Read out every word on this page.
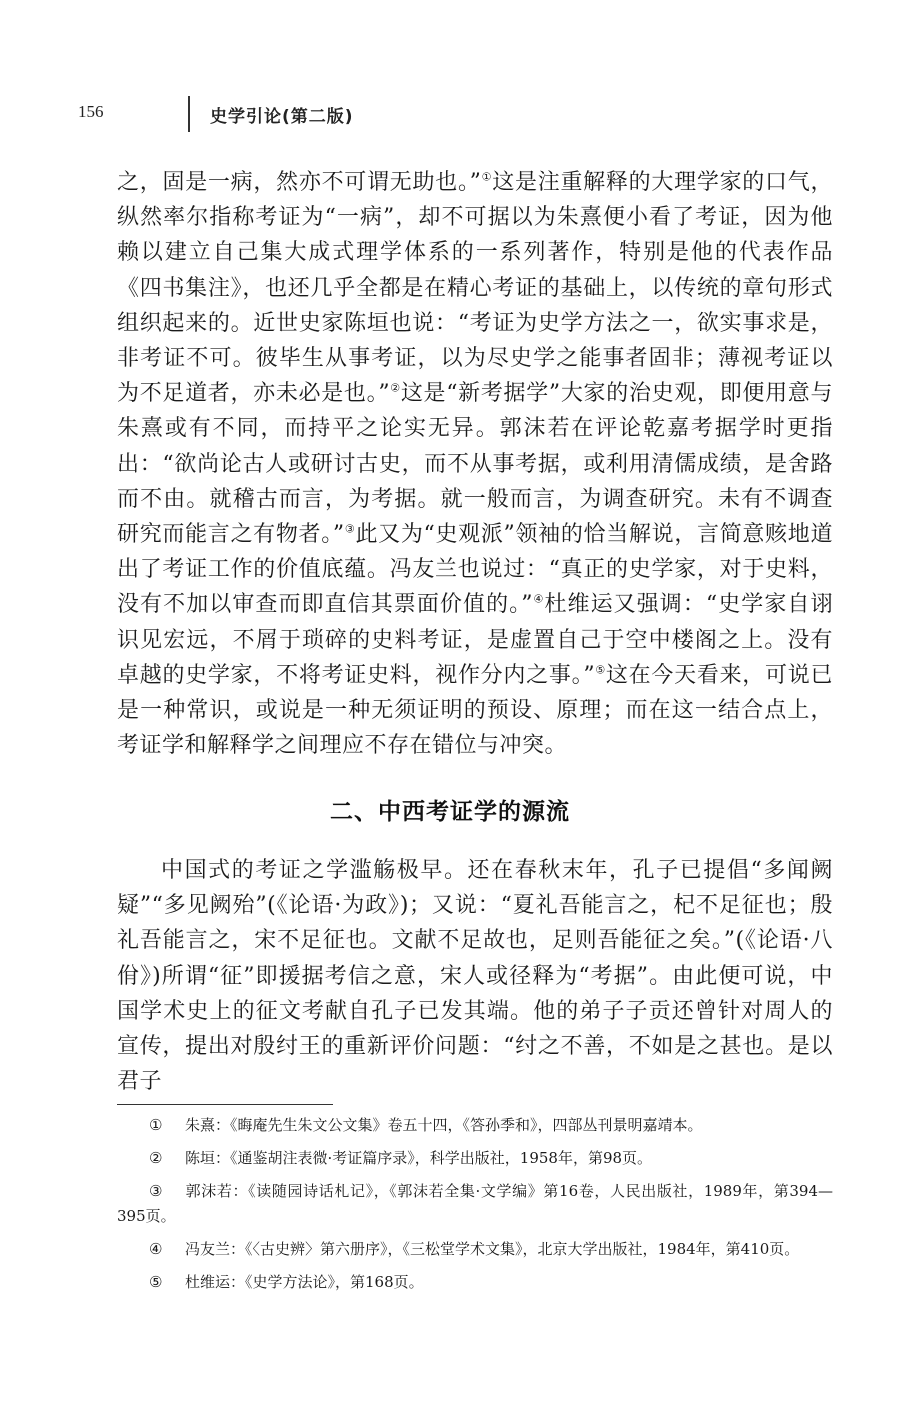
156	史学引论(第二版)

之，固是一病，然亦不可谓无助也。”①这是注重解释的大理学家的口气，纵然率尔指称考证为“一病”，却不可据以为朱熹便小看了考证，因为他赖以建立自己集大成式理学体系的一系列著作，特别是他的代表作品《四书集注》，也还几乎全都是在精心考证的基础上，以传统的章句形式组织起来的。近世史家陈垣也说：“考证为史学方法之一，欲实事求是，非考证不可。彼毕生从事考证，以为尽史学之能事者固非；薄视考证以为不足道者，亦未必是也。”②这是“新考据学”大家的治史观，即便用意与朱熹或有不同，而持平之论实无异。郭沫若在评论乾嘉考据学时更指出：“欲尚论古人或研讨古史，而不从事考据，或利用清儒成绩，是舍路而不由。就稽古而言，为考据。就一般而言，为调查研究。未有不调查研究而能言之有物者。”③此又为“史观派”领袖的恰当解说，言简意赅地道出了考证工作的价值底蕴。冯友兰也说过：“真正的史学家，对于史料，没有不加以审查而即直信其票面价值的。”④杜维运又强调：“史学家自诩识见宏远，不屑于琐碎的史料考证，是虚置自己于空中楼阁之上。没有卓越的史学家，不将考证史料，视作分内之事。”⑤这在今天看来，可说已是一种常识，或说是一种无须证明的预设、原理；而在这一结合点上，考证学和解释学之间理应不存在错位与冲突。

二、中西考证学的源流

中国式的考证之学滥觞极早。还在春秋末年，孔子已提倡“多闻阙疑”“多见阙殆”(《论语·为政》)；又说：“夏礼吾能言之，杞不足征也；殷礼吾能言之，宋不足征也。文献不足故也，足则吾能征之矣。”(《论语·八佾》)所谓“征”即援据考信之意，宋人或径释为“考据”。由此便可说，中国学术史上的征文考献自孔子已发其端。他的弟子子贡还曾针对周人的宣传，提出对殷纣王的重新评价问题：“纣之不善，不如是之甚也。是以君子

① 朱熹：《晦庵先生朱文公文集》卷五十四，《答孙季和》，四部丛刊景明嘉靖本。

② 陈垣：《通鉴胡注表微·考证篇序录》，科学出版社，1958年，第98页。

③ 郭沫若：《读随园诗话札记》，《郭沫若全集·文学编》第16卷，人民出版社，1989年，第394—395页。

④ 冯友兰：《〈古史辨〉第六册序》，《三松堂学术文集》，北京大学出版社，1984年，第410页。

⑤ 杜维运：《史学方法论》，第168页。
